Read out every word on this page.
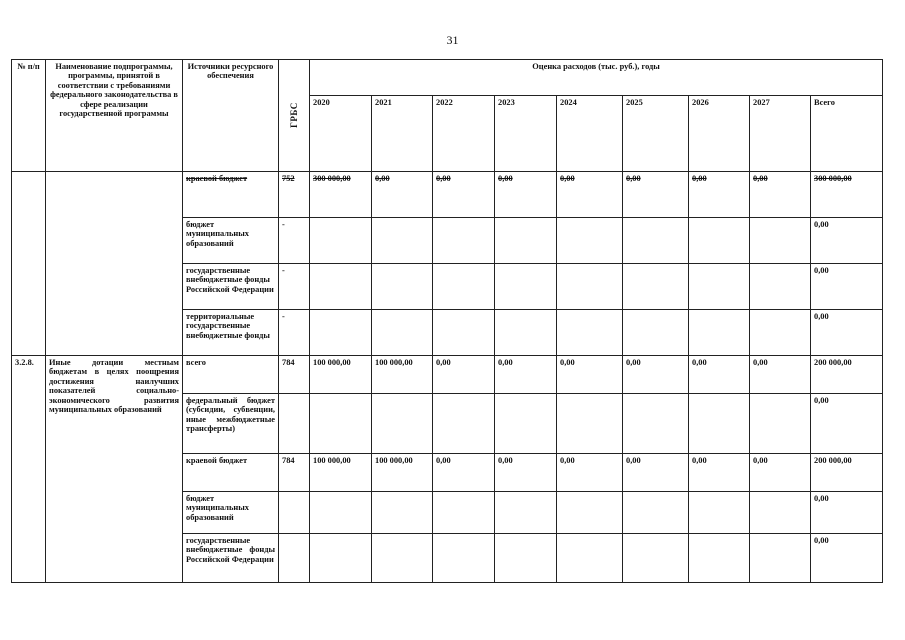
31
№ п/п	Наименование подпрограммы, программы, принятой в соответствии с требованиями федерального законодательства в сфере реализации государственной программы	Источники ресурсного обеспечения	ГРБС	Оценка расходов (тыс. руб.), годы								
				2020	2021	2022	2023	2024	2025	2026	2027	Всего
		краевой бюджет	752	300 000,00	0,00	0,00	0,00	0,00	0,00	0,00	0,00	300 000,00
		бюджет муниципальных образований	-									0,00
		государственные внебюджетные фонды Российской Федерации	-									0,00
		территориальные государственные внебюджетные фонды	-									0,00
3.2.8.	Иные дотации местным бюджетам в целях поощрения достижения наилучших показателей социально-экономического развития муниципальных образований	всего	784	100 000,00	100 000,00	0,00	0,00	0,00	0,00	0,00	0,00	200 000,00
		федеральный бюджет (субсидии, субвенции, иные межбюджетные трансферты)										0,00
		краевой бюджет	784	100 000,00	100 000,00	0,00	0,00	0,00	0,00	0,00	0,00	200 000,00
		бюджет муниципальных образований										0,00
		государственные внебюджетные фонды Российской Федерации										0,00
